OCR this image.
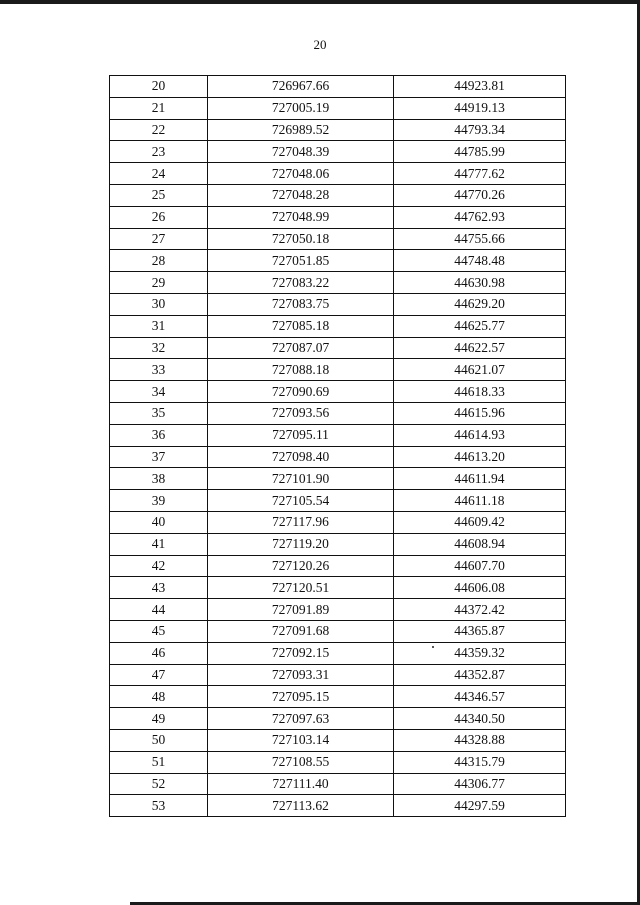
20
20	726967.66	44923.81
21	727005.19	44919.13
22	726989.52	44793.34
23	727048.39	44785.99
24	727048.06	44777.62
25	727048.28	44770.26
26	727048.99	44762.93
27	727050.18	44755.66
28	727051.85	44748.48
29	727083.22	44630.98
30	727083.75	44629.20
31	727085.18	44625.77
32	727087.07	44622.57
33	727088.18	44621.07
34	727090.69	44618.33
35	727093.56	44615.96
36	727095.11	44614.93
37	727098.40	44613.20
38	727101.90	44611.94
39	727105.54	44611.18
40	727117.96	44609.42
41	727119.20	44608.94
42	727120.26	44607.70
43	727120.51	44606.08
44	727091.89	44372.42
45	727091.68	44365.87
46	727092.15	44359.32
47	727093.31	44352.87
48	727095.15	44346.57
49	727097.63	44340.50
50	727103.14	44328.88
51	727108.55	44315.79
52	727111.40	44306.77
53	727113.62	44297.59
